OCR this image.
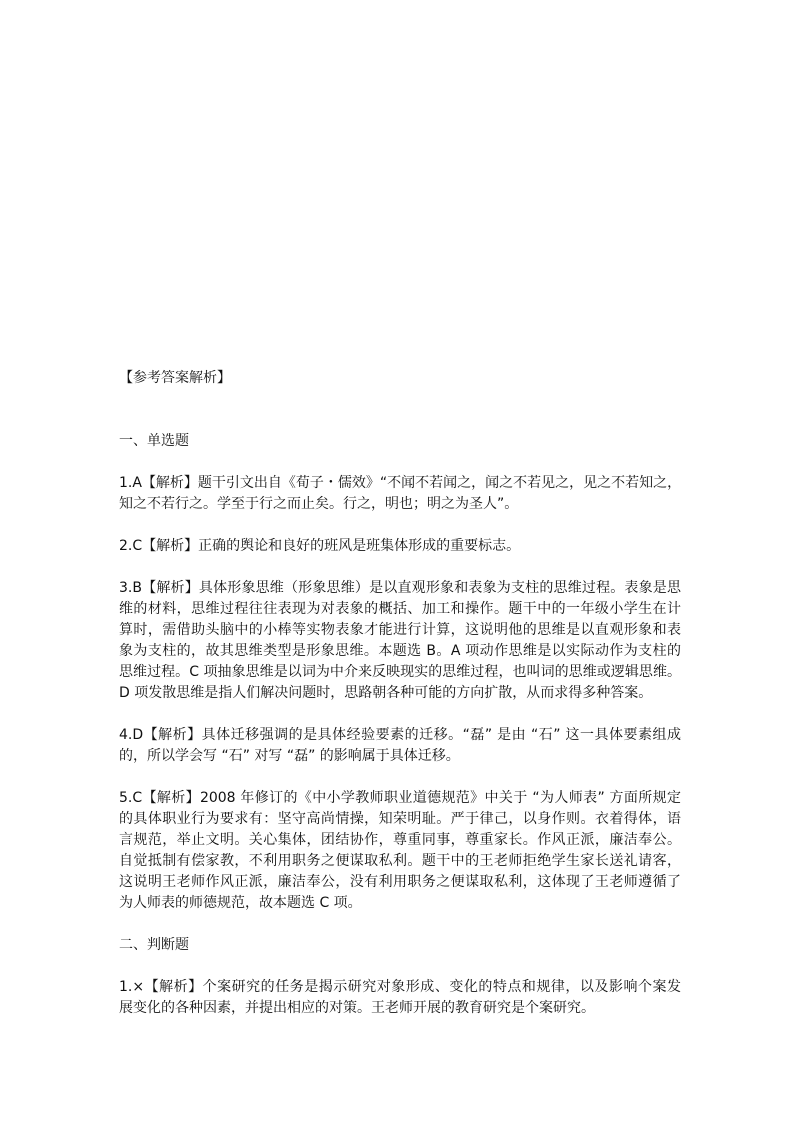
【参考答案解析】
一、单选题
1.A【解析】题干引文出自《荀子・儒效》“不闻不若闻之，闻之不若见之，见之不若知之，
知之不若行之。学至于行之而止矣。行之，明也；明之为圣人”。
2.C【解析】正确的舆论和良好的班风是班集体形成的重要标志。
3.B【解析】具体形象思维（形象思维）是以直观形象和表象为支柱的思维过程。表象是思
维的材料，思维过程往往表现为对表象的概括、加工和操作。题干中的一年级小学生在计
算时，需借助头脑中的小棒等实物表象才能进行计算，这说明他的思维是以直观形象和表
象为支柱的，故其思维类型是形象思维。本题选 B。A 项动作思维是以实际动作为支柱的
思维过程。C 项抽象思维是以词为中介来反映现实的思维过程，也叫词的思维或逻辑思维。
D 项发散思维是指人们解决问题时，思路朝各种可能的方向扩散，从而求得多种答案。
4.D【解析】具体迁移强调的是具体经验要素的迁移。“磊” 是由 “石” 这一具体要素组成
的，所以学会写 “石” 对写 “磊” 的影响属于具体迁移。
5.C【解析】2008 年修订的《中小学教师职业道德规范》中关于 “为人师表” 方面所规定
的具体职业行为要求有：坚守高尚情操，知荣明耻。严于律己，以身作则。衣着得体，语
言规范，举止文明。关心集体，团结协作，尊重同事，尊重家长。作风正派，廉洁奉公。
自觉抵制有偿家教，不利用职务之便谋取私利。题干中的王老师拒绝学生家长送礼请客，
这说明王老师作风正派，廉洁奉公，没有利用职务之便谋取私利，这体现了王老师遵循了
为人师表的师德规范，故本题选 C 项。
二、判断题
1.×【解析】个案研究的任务是揭示研究对象形成、变化的特点和规律，以及影响个案发
展变化的各种因素，并提出相应的对策。王老师开展的教育研究是个案研究。
